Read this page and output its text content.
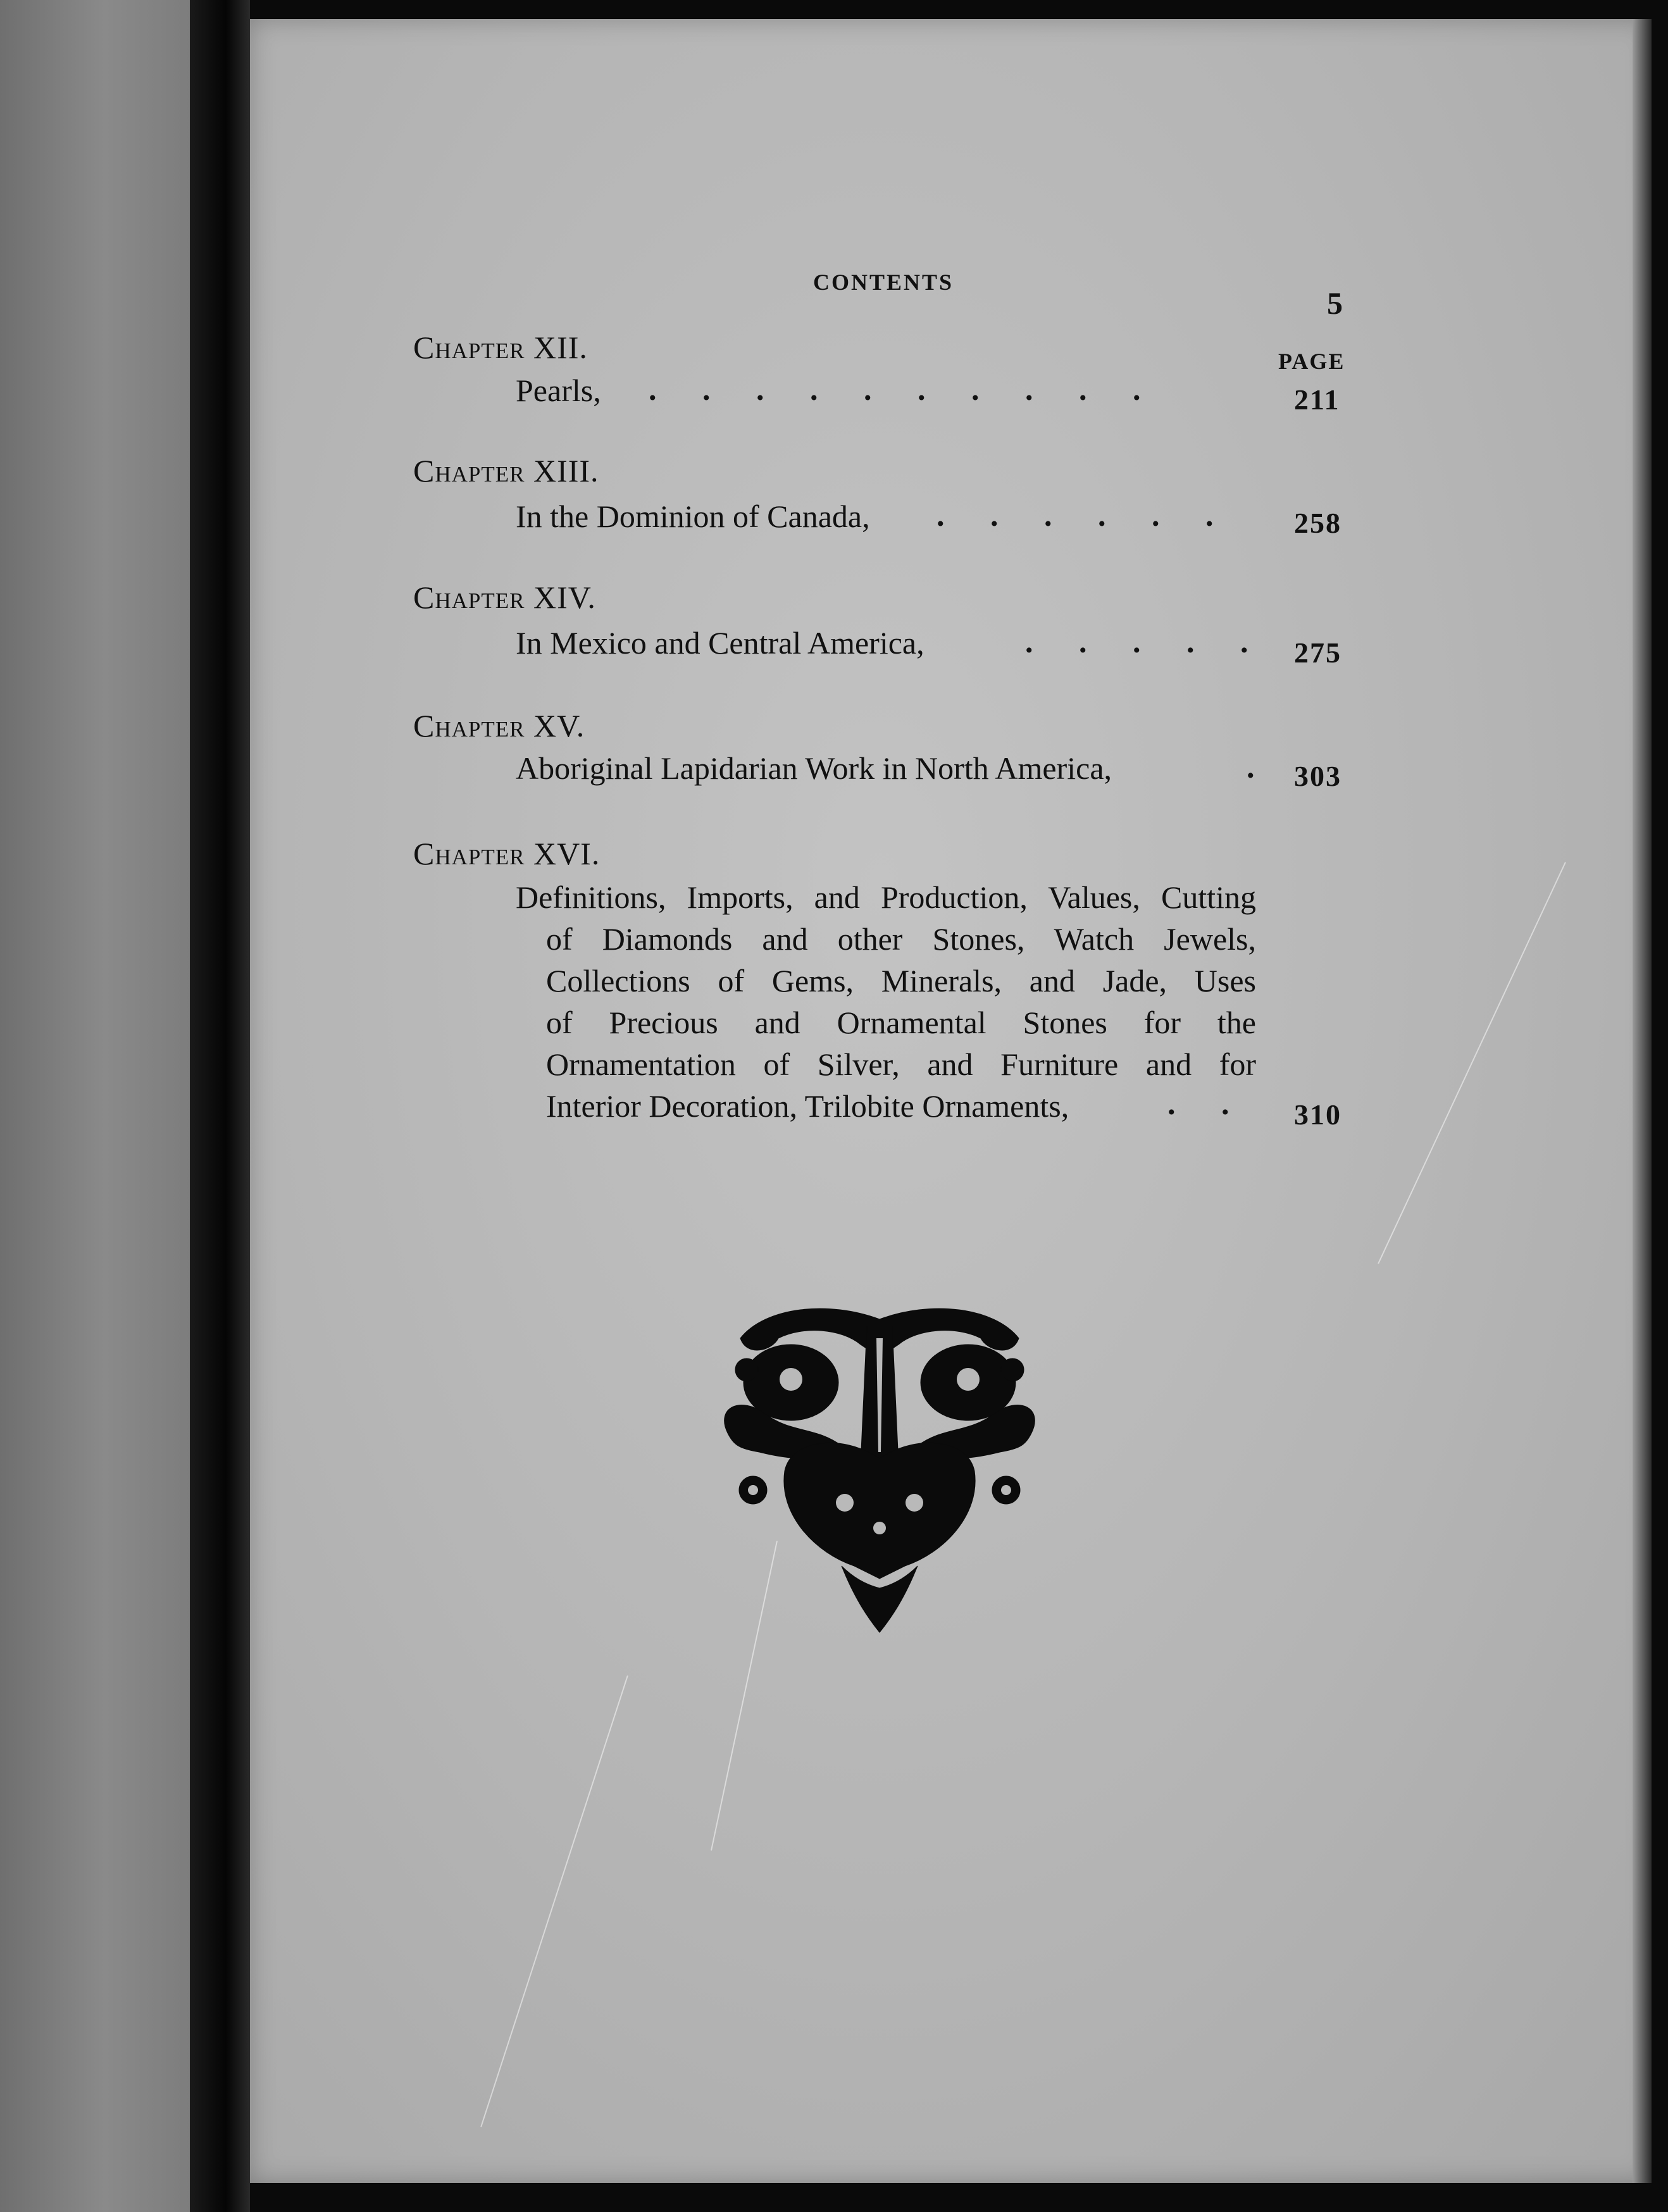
CONTENTS
5
PAGE
Chapter XII.
Pearls, . . . . . . . . . .	211
Chapter XIII.
In the Dominion of Canada, . . . . . . 258
Chapter XIV.
In Mexico and Central America,	. . . . . 275
Chapter XV.
Aboriginal Lapidarian Work in North America,	. 303
Chapter XVI.
Definitions, Imports, and Production, Values, Cutting
of Diamonds and other Stones, Watch Jewels,
Collections of Gems, Minerals, and Jade, Uses
of Precious and Ornamental Stones for the
Ornamentation of Silver, and Furniture and for
Interior Decoration, Trilobite Ornaments,	. . 310
